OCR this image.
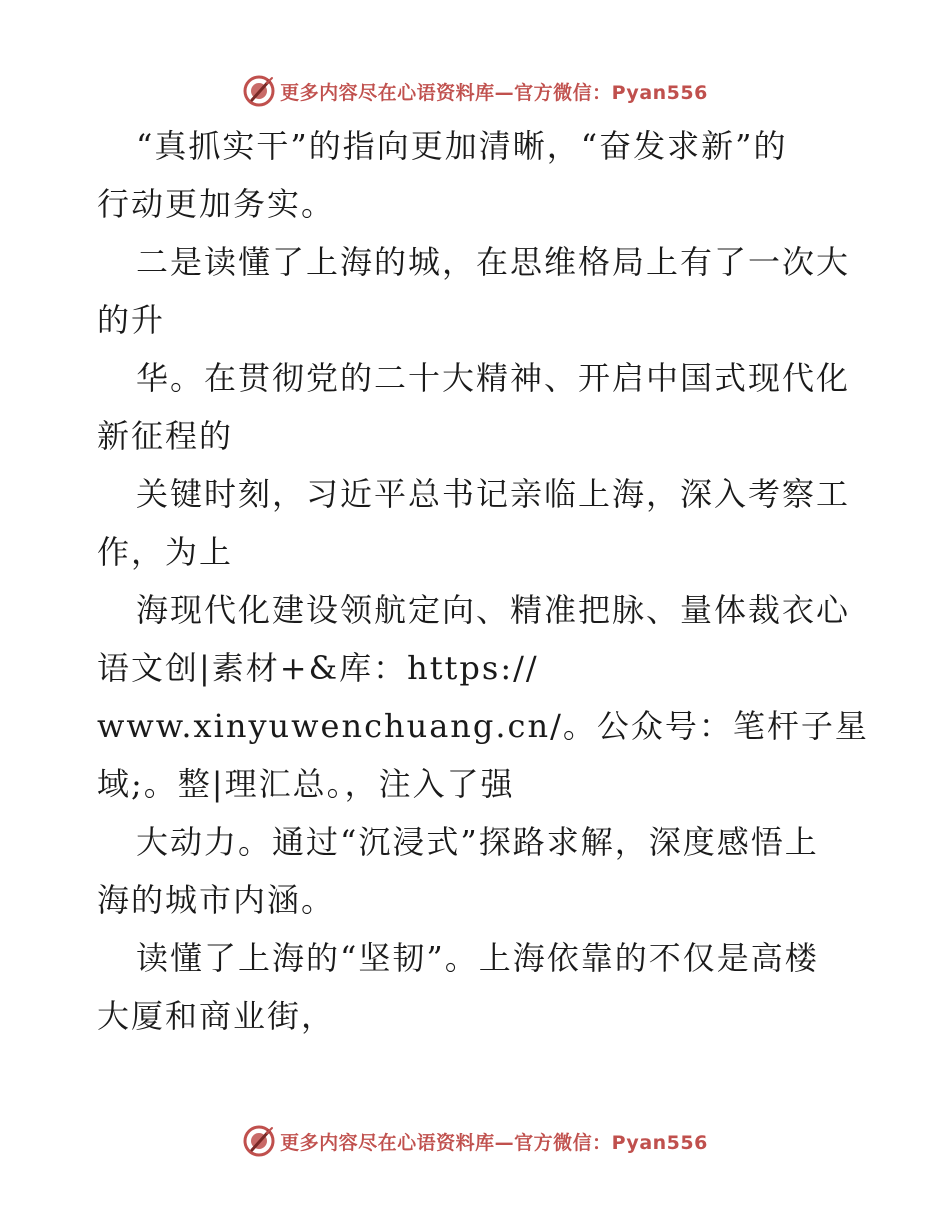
更多内容尽在心语资料库—官方微信：Pyan556
“真抓实干”的指向更加清晰，“奋发求新”的
行动更加务实。
二是读懂了上海的城，在思维格局上有了一次大
的升
华。在贯彻党的二十大精神、开启中国式现代化
新征程的
关键时刻，习近平总书记亲临上海，深入考察工
作，为上
海现代化建设领航定向、精准把脉、量体裁衣心
语文创|素材+&库：https://
www.xinyuwenchuang.cn/。公众号：笔杆子星
域;。整|理汇总。，注入了强
大动力。通过“沉浸式”探路求解，深度感悟上
海的城市内涵。
读懂了上海的“坚韧”。上海依靠的不仅是高楼
大厦和商业街，
更多内容尽在心语资料库—官方微信：Pyan556
